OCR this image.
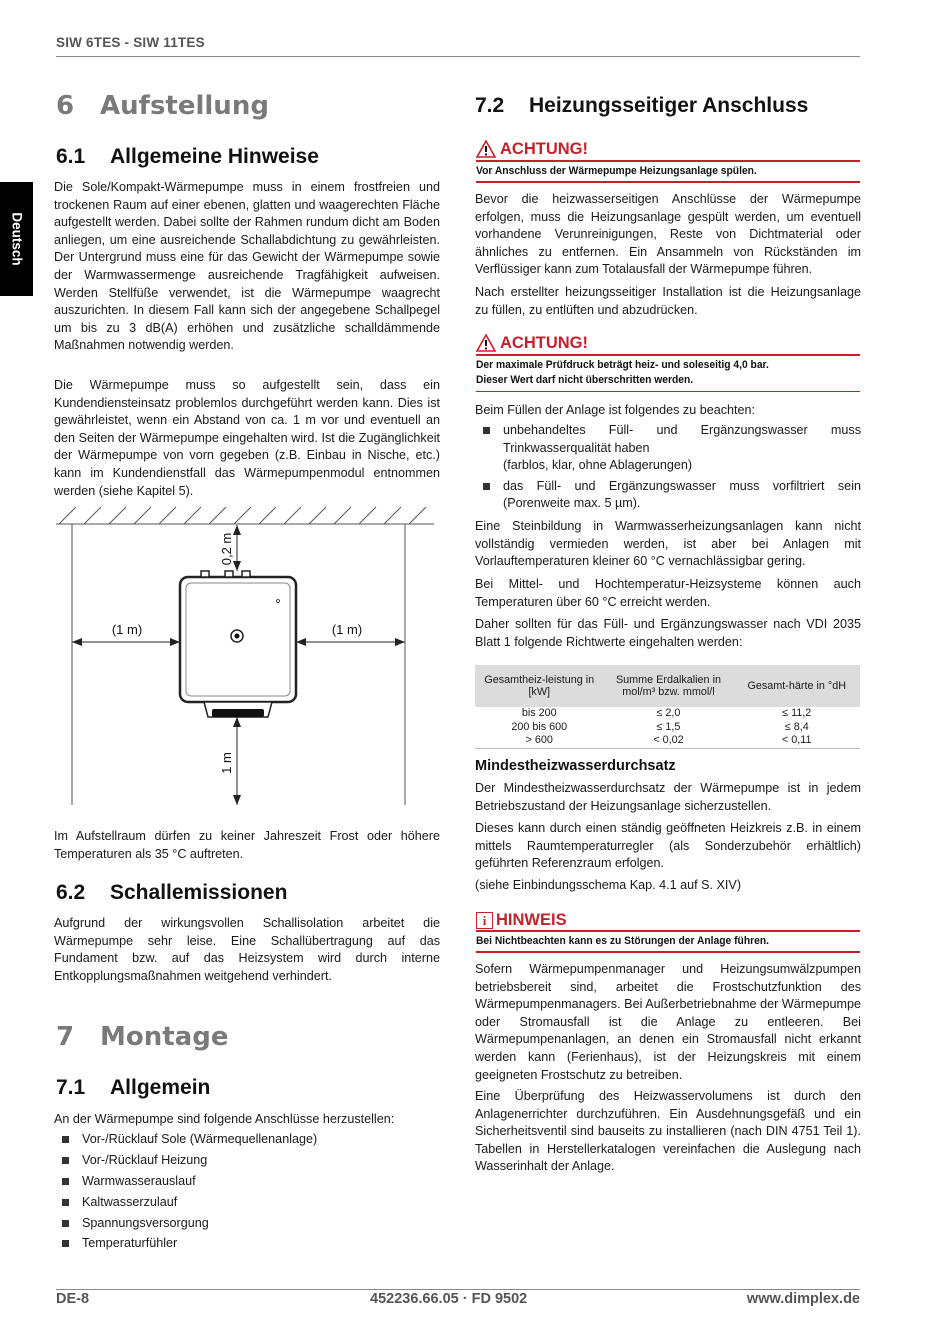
SIW 6TES - SIW 11TES
Deutsch
6 Aufstellung
6.1 Allgemeine Hinweise
Die Sole/Kompakt-Wärmepumpe muss in einem frostfreien und trockenen Raum auf einer ebenen, glatten und waagerechten Fläche aufgestellt werden. Dabei sollte der Rahmen rundum dicht am Boden anliegen, um eine ausreichende Schallabdichtung zu gewährleisten. Der Untergrund muss eine für das Gewicht der Wärmepumpe sowie der Warmwassermenge ausreichende Tragfähigkeit aufweisen. Werden Stellfüße verwendet, ist die Wärmepumpe waagrecht auszurichten. In diesem Fall kann sich der angegebene Schallpegel um bis zu 3 dB(A) erhöhen und zusätzliche schalldämmende Maßnahmen notwendig werden.
Die Wärmepumpe muss so aufgestellt sein, dass ein Kundendiensteinsatz problemlos durchgeführt werden kann. Dies ist gewährleistet, wenn ein Abstand von ca. 1 m vor und eventuell an den Seiten der Wärmepumpe eingehalten wird. Ist die Zugänglichkeit der Wärmepumpe von vorn gegeben (z.B. Einbau in Nische, etc.) kann im Kundendienstfall das Wärmepumpenmodul entnommen werden (siehe Kapitel 5).
0,2 m
(1 m)	(1 m)
1 m
Im Aufstellraum dürfen zu keiner Jahreszeit Frost oder höhere Temperaturen als 35 °C auftreten.
6.2 Schallemissionen
Aufgrund der wirkungsvollen Schallisolation arbeitet die Wärmepumpe sehr leise. Eine Schallübertragung auf das Fundament bzw. auf das Heizsystem wird durch interne Entkopplungsmaßnahmen weitgehend verhindert.
7 Montage
7.1 Allgemein
An der Wärmepumpe sind folgende Anschlüsse herzustellen:
Vor-/Rücklauf Sole (Wärmequellenanlage)
Vor-/Rücklauf Heizung
Warmwasserauslauf
Kaltwasserzulauf
Spannungsversorgung
Temperaturfühler
7.2 Heizungsseitiger Anschluss
ACHTUNG!
Vor Anschluss der Wärmepumpe Heizungsanlage spülen.
Bevor die heizwasserseitigen Anschlüsse der Wärmepumpe erfolgen, muss die Heizungsanlage gespült werden, um eventuell vorhandene Verunreinigungen, Reste von Dichtmaterial oder ähnliches zu entfernen. Ein Ansammeln von Rückständen im Verflüssiger kann zum Totalausfall der Wärmepumpe führen.
Nach erstellter heizungsseitiger Installation ist die Heizungsanlage zu füllen, zu entlüften und abzudrücken.
ACHTUNG!
Der maximale Prüfdruck beträgt heiz- und soleseitig 4,0 bar.
Dieser Wert darf nicht überschritten werden.
Beim Füllen der Anlage ist folgendes zu beachten:
unbehandeltes Füll- und Ergänzungswasser muss Trinkwasserqualität haben
(farblos, klar, ohne Ablagerungen)
das Füll- und Ergänzungswasser muss vorfiltriert sein (Porenweite max. 5 µm).
Eine Steinbildung in Warmwasserheizungsanlagen kann nicht vollständig vermieden werden, ist aber bei Anlagen mit Vorlauftemperaturen kleiner 60 °C vernachlässigbar gering.
Bei Mittel- und Hochtemperatur-Heizsysteme können auch Temperaturen über 60 °C erreicht werden.
Daher sollten für das Füll- und Ergänzungswasser nach VDI 2035 Blatt 1 folgende Richtwerte eingehalten werden:
Gesamtheiz-leistung in [kW]	Summe Erdalkalien in mol/m³ bzw. mmol/l	Gesamt-härte in °dH
bis 200	≤ 2,0	≤ 11,2
200 bis 600	≤ 1,5	≤ 8,4
> 600	< 0,02	< 0,11
Mindestheizwasserdurchsatz
Der Mindestheizwasserdurchsatz der Wärmepumpe ist in jedem Betriebszustand der Heizungsanlage sicherzustellen.
Dieses kann durch einen ständig geöffneten Heizkreis z.B. in einem mittels Raumtemperaturregler (als Sonderzubehör erhältlich) geführten Referenzraum erfolgen.
(siehe Einbindungsschema Kap. 4.1 auf S. XIV)
i HINWEIS
Bei Nichtbeachten kann es zu Störungen der Anlage führen.
Sofern Wärmepumpenmanager und Heizungsumwälzpumpen betriebsbereit sind, arbeitet die Frostschutzfunktion des Wärmepumpenmanagers. Bei Außerbetriebnahme der Wärmepumpe oder Stromausfall ist die Anlage zu entleeren. Bei Wärmepumpenanlagen, an denen ein Stromausfall nicht erkannt werden kann (Ferienhaus), ist der Heizungskreis mit einem geeigneten Frostschutz zu betreiben.
Eine Überprüfung des Heizwasservolumens ist durch den Anlagenerrichter durchzuführen. Ein Ausdehnungsgefäß und ein Sicherheitsventil sind bauseits zu installieren (nach DIN 4751 Teil 1). Tabellen in Herstellerkatalogen vereinfachen die Auslegung nach Wasserinhalt der Anlage.
DE-8	452236.66.05 · FD 9502	www.dimplex.de
